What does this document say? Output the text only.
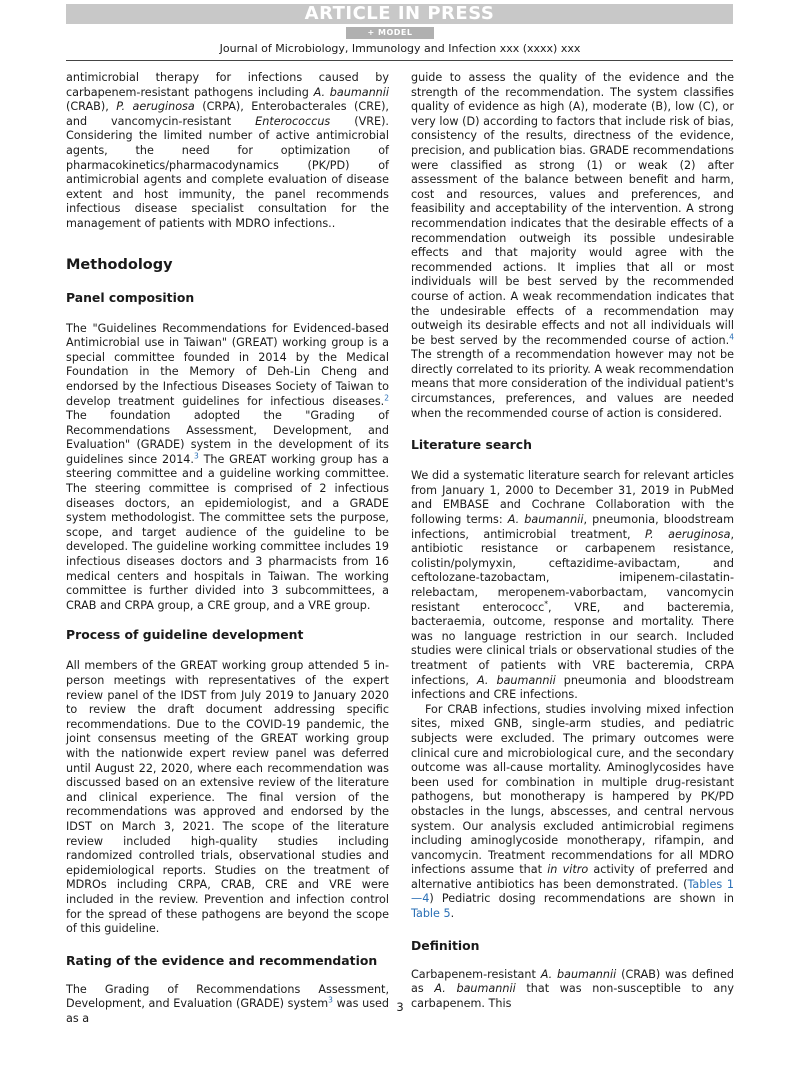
ARTICLE IN PRESS
+ MODEL
Journal of Microbiology, Immunology and Infection xxx (xxxx) xxx

antimicrobial therapy for infections caused by carbapenem-resistant pathogens including A. baumannii (CRAB), P. aeruginosa (CRPA), Enterobacterales (CRE), and vancomycin-resistant Enterococcus (VRE). Considering the limited number of active antimicrobial agents, the need for optimization of pharmacokinetics/pharmacodynamics (PK/PD) of antimicrobial agents and complete evaluation of disease extent and host immunity, the panel recommends infectious disease specialist consultation for the management of patients with MDRO infections..

Methodology
Panel composition

The "Guidelines Recommendations for Evidenced-based Antimicrobial use in Taiwan" (GREAT) working group is a special committee founded in 2014 by the Medical Foundation in the Memory of Deh-Lin Cheng and endorsed by the Infectious Diseases Society of Taiwan to develop treatment guidelines for infectious diseases.$^2$ The foundation adopted the "Grading of Recommendations Assessment, Development, and Evaluation" (GRADE) system in the development of its guidelines since 2014.$^3$ The GREAT working group has a steering committee and a guideline working committee. The steering committee is comprised of 2 infectious diseases doctors, an epidemiologist, and a GRADE system methodologist. The committee sets the purpose, scope, and target audience of the guideline to be developed. The guideline working committee includes 19 infectious diseases doctors and 3 pharmacists from 16 medical centers and hospitals in Taiwan. The working committee is further divided into 3 subcommittees, a CRAB and CRPA group, a CRE group, and a VRE group.

Process of guideline development

All members of the GREAT working group attended 5 in-person meetings with representatives of the expert review panel of the IDST from July 2019 to January 2020 to review the draft document addressing specific recommendations. Due to the COVID-19 pandemic, the joint consensus meeting of the GREAT working group with the nationwide expert review panel was deferred until August 22, 2020, where each recommendation was discussed based on an extensive review of the literature and clinical experience. The final version of the recommendations was approved and endorsed by the IDST on March 3, 2021. The scope of the literature review included high-quality studies including randomized controlled trials, observational studies and epidemiological reports. Studies on the treatment of MDROs including CRPA, CRAB, CRE and VRE were included in the review. Prevention and infection control for the spread of these pathogens are beyond the scope of this guideline.

Rating of the evidence and recommendation

The Grading of Recommendations Assessment, Development, and Evaluation (GRADE) system$^3$ was used as a

guide to assess the quality of the evidence and the strength of the recommendation. The system classifies quality of evidence as high (A), moderate (B), low (C), or very low (D) according to factors that include risk of bias, consistency of the results, directness of the evidence, precision, and publication bias. GRADE recommendations were classified as strong (1) or weak (2) after assessment of the balance between benefit and harm, cost and resources, values and preferences, and feasibility and acceptability of the intervention. A strong recommendation indicates that the desirable effects of a recommendation outweigh its possible undesirable effects and that majority would agree with the recommended actions. It implies that all or most individuals will be best served by the recommended course of action. A weak recommendation indicates that the undesirable effects of a recommendation may outweigh its desirable effects and not all individuals will be best served by the recommended course of action.$^4$ The strength of a recommendation however may not be directly correlated to its priority. A weak recommendation means that more consideration of the individual patient's circumstances, preferences, and values are needed when the recommended course of action is considered.

Literature search

We did a systematic literature search for relevant articles from January 1, 2000 to December 31, 2019 in PubMed and EMBASE and Cochrane Collaboration with the following terms: A. baumannii, pneumonia, bloodstream infections, antimicrobial treatment, P. aeruginosa, antibiotic resistance or carbapenem resistance, colistin/polymyxin, ceftazidime-avibactam, and ceftolozane-tazobactam, imipenem-cilastatin-relebactam, meropenem-vaborbactam, vancomycin resistant enterococc*, VRE, and bacteremia, bacteraemia, outcome, response and mortality. There was no language restriction in our search. Included studies were clinical trials or observational studies of the treatment of patients with VRE bacteremia, CRPA infections, A. baumannii pneumonia and bloodstream infections and CRE infections.

For CRAB infections, studies involving mixed infection sites, mixed GNB, single-arm studies, and pediatric subjects were excluded. The primary outcomes were clinical cure and microbiological cure, and the secondary outcome was all-cause mortality. Aminoglycosides have been used for combination in multiple drug-resistant pathogens, but monotherapy is hampered by PK/PD obstacles in the lungs, abscesses, and central nervous system. Our analysis excluded antimicrobial regimens including aminoglycoside monotherapy, rifampin, and vancomycin. Treatment recommendations for all MDRO infections assume that in vitro activity of preferred and alternative antibiotics has been demonstrated. (Tables 1—4) Pediatric dosing recommendations are shown in Table 5.

Definition

Carbapenem-resistant A. baumannii (CRAB) was defined as A. baumannii that was non-susceptible to any carbapenem. This

3
